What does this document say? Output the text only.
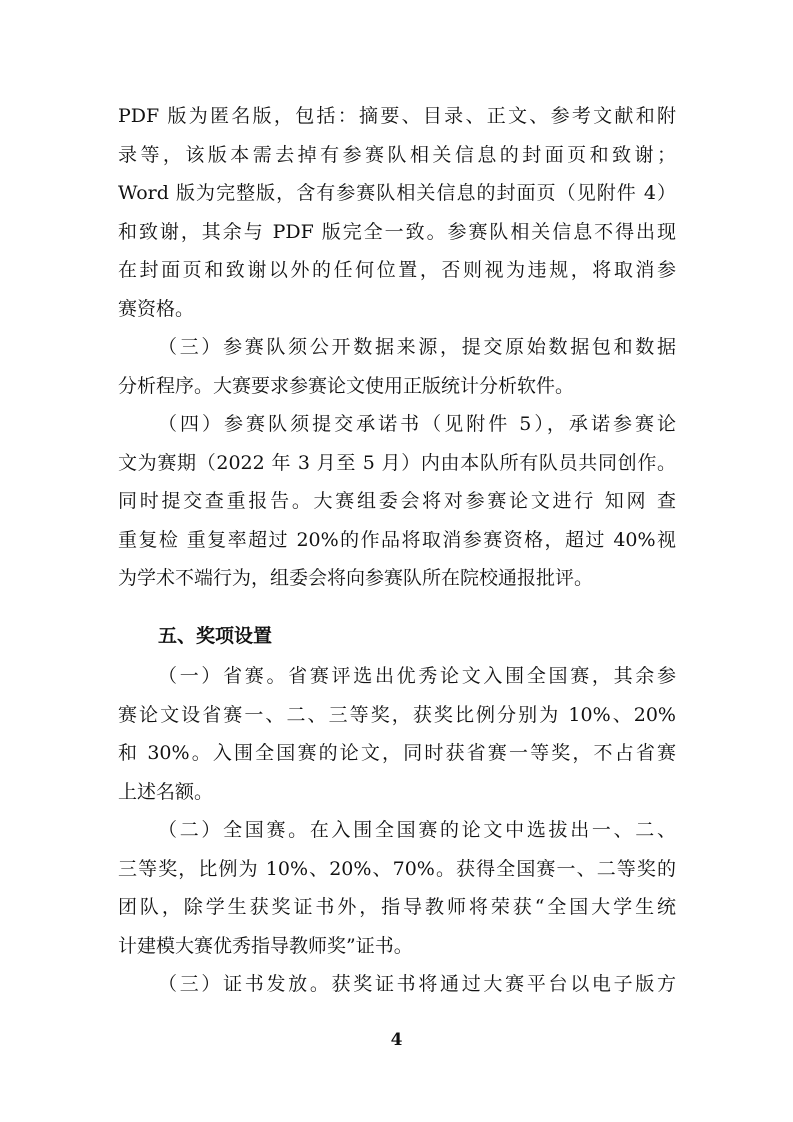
PDF 版为匿名版，包括：摘要、目录、正文、参考文献和附
录等，该版本需去掉有参赛队相关信息的封面页和致谢；
Word 版为完整版，含有参赛队相关信息的封面页（见附件 4）
和致谢，其余与 PDF 版完全一致。参赛队相关信息不得出现
在封面页和致谢以外的任何位置，否则视为违规，将取消参
赛资格。
（三）参赛队须公开数据来源，提交原始数据包和数据
分析程序。大赛要求参赛论文使用正版统计分析软件。
（四）参赛队须提交承诺书（见附件 5），承诺参赛论
文为赛期（2022 年 3 月至 5 月）内由本队所有队员共同创作。
同时提交查重报告。大赛组委会将对参赛论文进行 知网 查
重复检 重复率超过 20%的作品将取消参赛资格，超过 40%视
为学术不端行为，组委会将向参赛队所在院校通报批评。
五、奖项设置
（一）省赛。省赛评选出优秀论文入围全国赛，其余参
赛论文设省赛一、二、三等奖，获奖比例分别为 10%、20%
和 30%。入围全国赛的论文，同时获省赛一等奖，不占省赛
上述名额。
（二）全国赛。在入围全国赛的论文中选拔出一、二、
三等奖，比例为 10%、20%、70%。获得全国赛一、二等奖的
团队，除学生获奖证书外，指导教师将荣获“全国大学生统
计建模大赛优秀指导教师奖”证书。
（三）证书发放。获奖证书将通过大赛平台以电子版方
4
